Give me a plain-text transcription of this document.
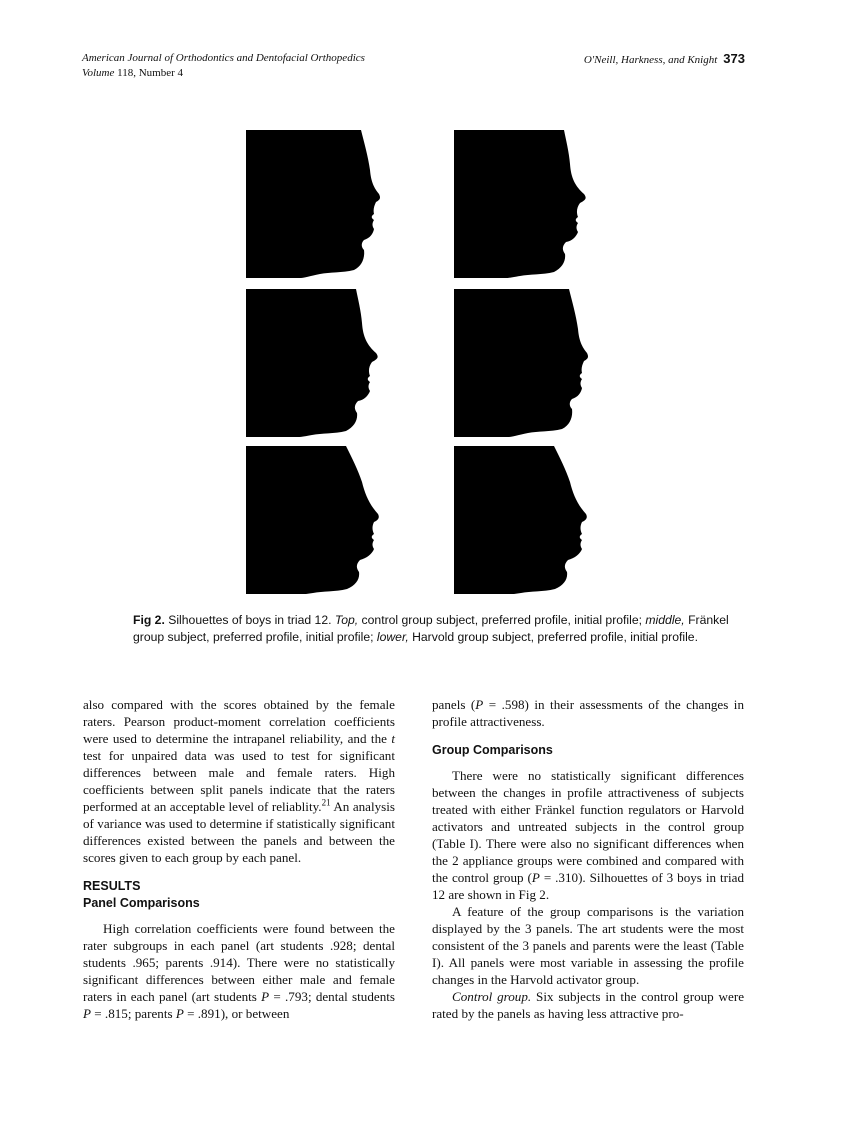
American Journal of Orthodontics and Dentofacial Orthopedics
Volume 118, Number 4
O'Neill, Harkness, and Knight 373
Fig 2. Silhouettes of boys in triad 12. Top, control group subject, preferred profile, initial profile; middle, Fränkel group subject, preferred profile, initial profile; lower, Harvold group subject, preferred profile, initial profile.

also compared with the scores obtained by the female raters. Pearson product-moment correlation coefficients were used to determine the intrapanel reliability, and the t test for unpaired data was used to test for significant differences between male and female raters. High coefficients between split panels indicate that the raters performed at an acceptable level of reliablity.$^{21}$ An analysis of variance was used to determine if statistically significant differences existed between the panels and between the scores given to each group by each panel.

RESULTS
Panel Comparisons

High correlation coefficients were found between the rater subgroups in each panel (art students .928; dental students .965; parents .914). There were no statistically significant differences between either male and female raters in each panel (art students P = .793; dental students P = .815; parents P = .891), or between

panels (P = .598) in their assessments of the changes in profile attractiveness.

Group Comparisons

There were no statistically significant differences between the changes in profile attractiveness of subjects treated with either Fränkel function regulators or Harvold activators and untreated subjects in the control group (Table I). There were also no significant differences when the 2 appliance groups were combined and compared with the control group (P = .310). Silhouettes of 3 boys in triad 12 are shown in Fig 2.

A feature of the group comparisons is the variation displayed by the 3 panels. The art students were the most consistent of the 3 panels and parents were the least (Table I). All panels were most variable in assessing the profile changes in the Harvold activator group.

Control group. Six subjects in the control group were rated by the panels as having less attractive pro-
